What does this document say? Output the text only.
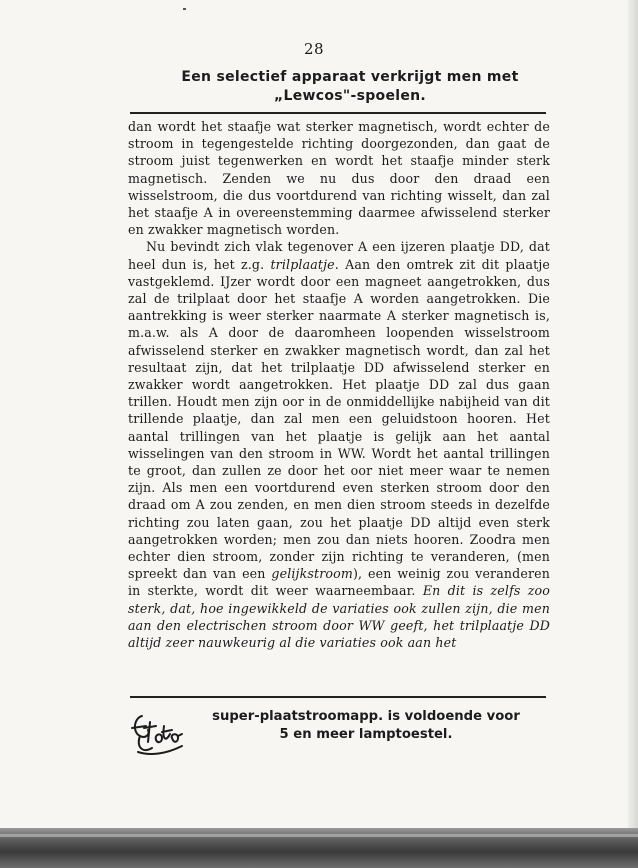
28
Een selectief apparaat verkrijgt men met
„Lewcos"-spoelen.

dan wordt het staafje wat sterker magnetisch, wordt echter de stroom in tegengestelde richting doorgezonden, dan gaat de stroom juist tegenwerken en wordt het staafje minder sterk magnetisch. Zenden we nu dus door den draad een wisselstroom, die dus voortdurend van richting wisselt, dan zal het staafje A in overeenstemming daarmee afwisselend sterker en zwakker magnetisch worden.

Nu bevindt zich vlak tegenover A een ijzeren plaatje DD, dat heel dun is, het z.g. trilplaatje. Aan den omtrek zit dit plaatje vastgeklemd. IJzer wordt door een magneet aangetrokken, dus zal de trilplaat door het staafje A worden aangetrokken. Die aantrekking is weer sterker naarmate A sterker magnetisch is, m.a.w. als A door de daaromheen loopenden wisselstroom afwisselend sterker en zwakker magnetisch wordt, dan zal het resultaat zijn, dat het trilplaatje DD afwisselend sterker en zwakker wordt aangetrokken. Het plaatje DD zal dus gaan trillen. Houdt men zijn oor in de onmiddellijke nabijheid van dit trillende plaatje, dan zal men een geluidstoon hooren. Het aantal trillingen van het plaatje is gelijk aan het aantal wisselingen van den stroom in WW. Wordt het aantal trillingen te groot, dan zullen ze door het oor niet meer waar te nemen zijn. Als men een voortdurend even sterken stroom door den draad om A zou zenden, en men dien stroom steeds in dezelfde richting zou laten gaan, zou het plaatje DD altijd even sterk aangetrokken worden; men zou dan niets hooren. Zoodra men echter dien stroom, zonder zijn richting te veranderen, (men spreekt dan van een gelijkstroom), een weinig zou veranderen in sterkte, wordt dit weer waarneembaar. En dit is zelfs zoo sterk, dat, hoe ingewikkeld de variaties ook zullen zijn, die men aan den electrischen stroom door WW geeft, het trilplaatje DD altijd zeer nauwkeurig al die variaties ook aan het

super-plaatstroomapp. is voldoende voor
5 en meer lamptoestel.
